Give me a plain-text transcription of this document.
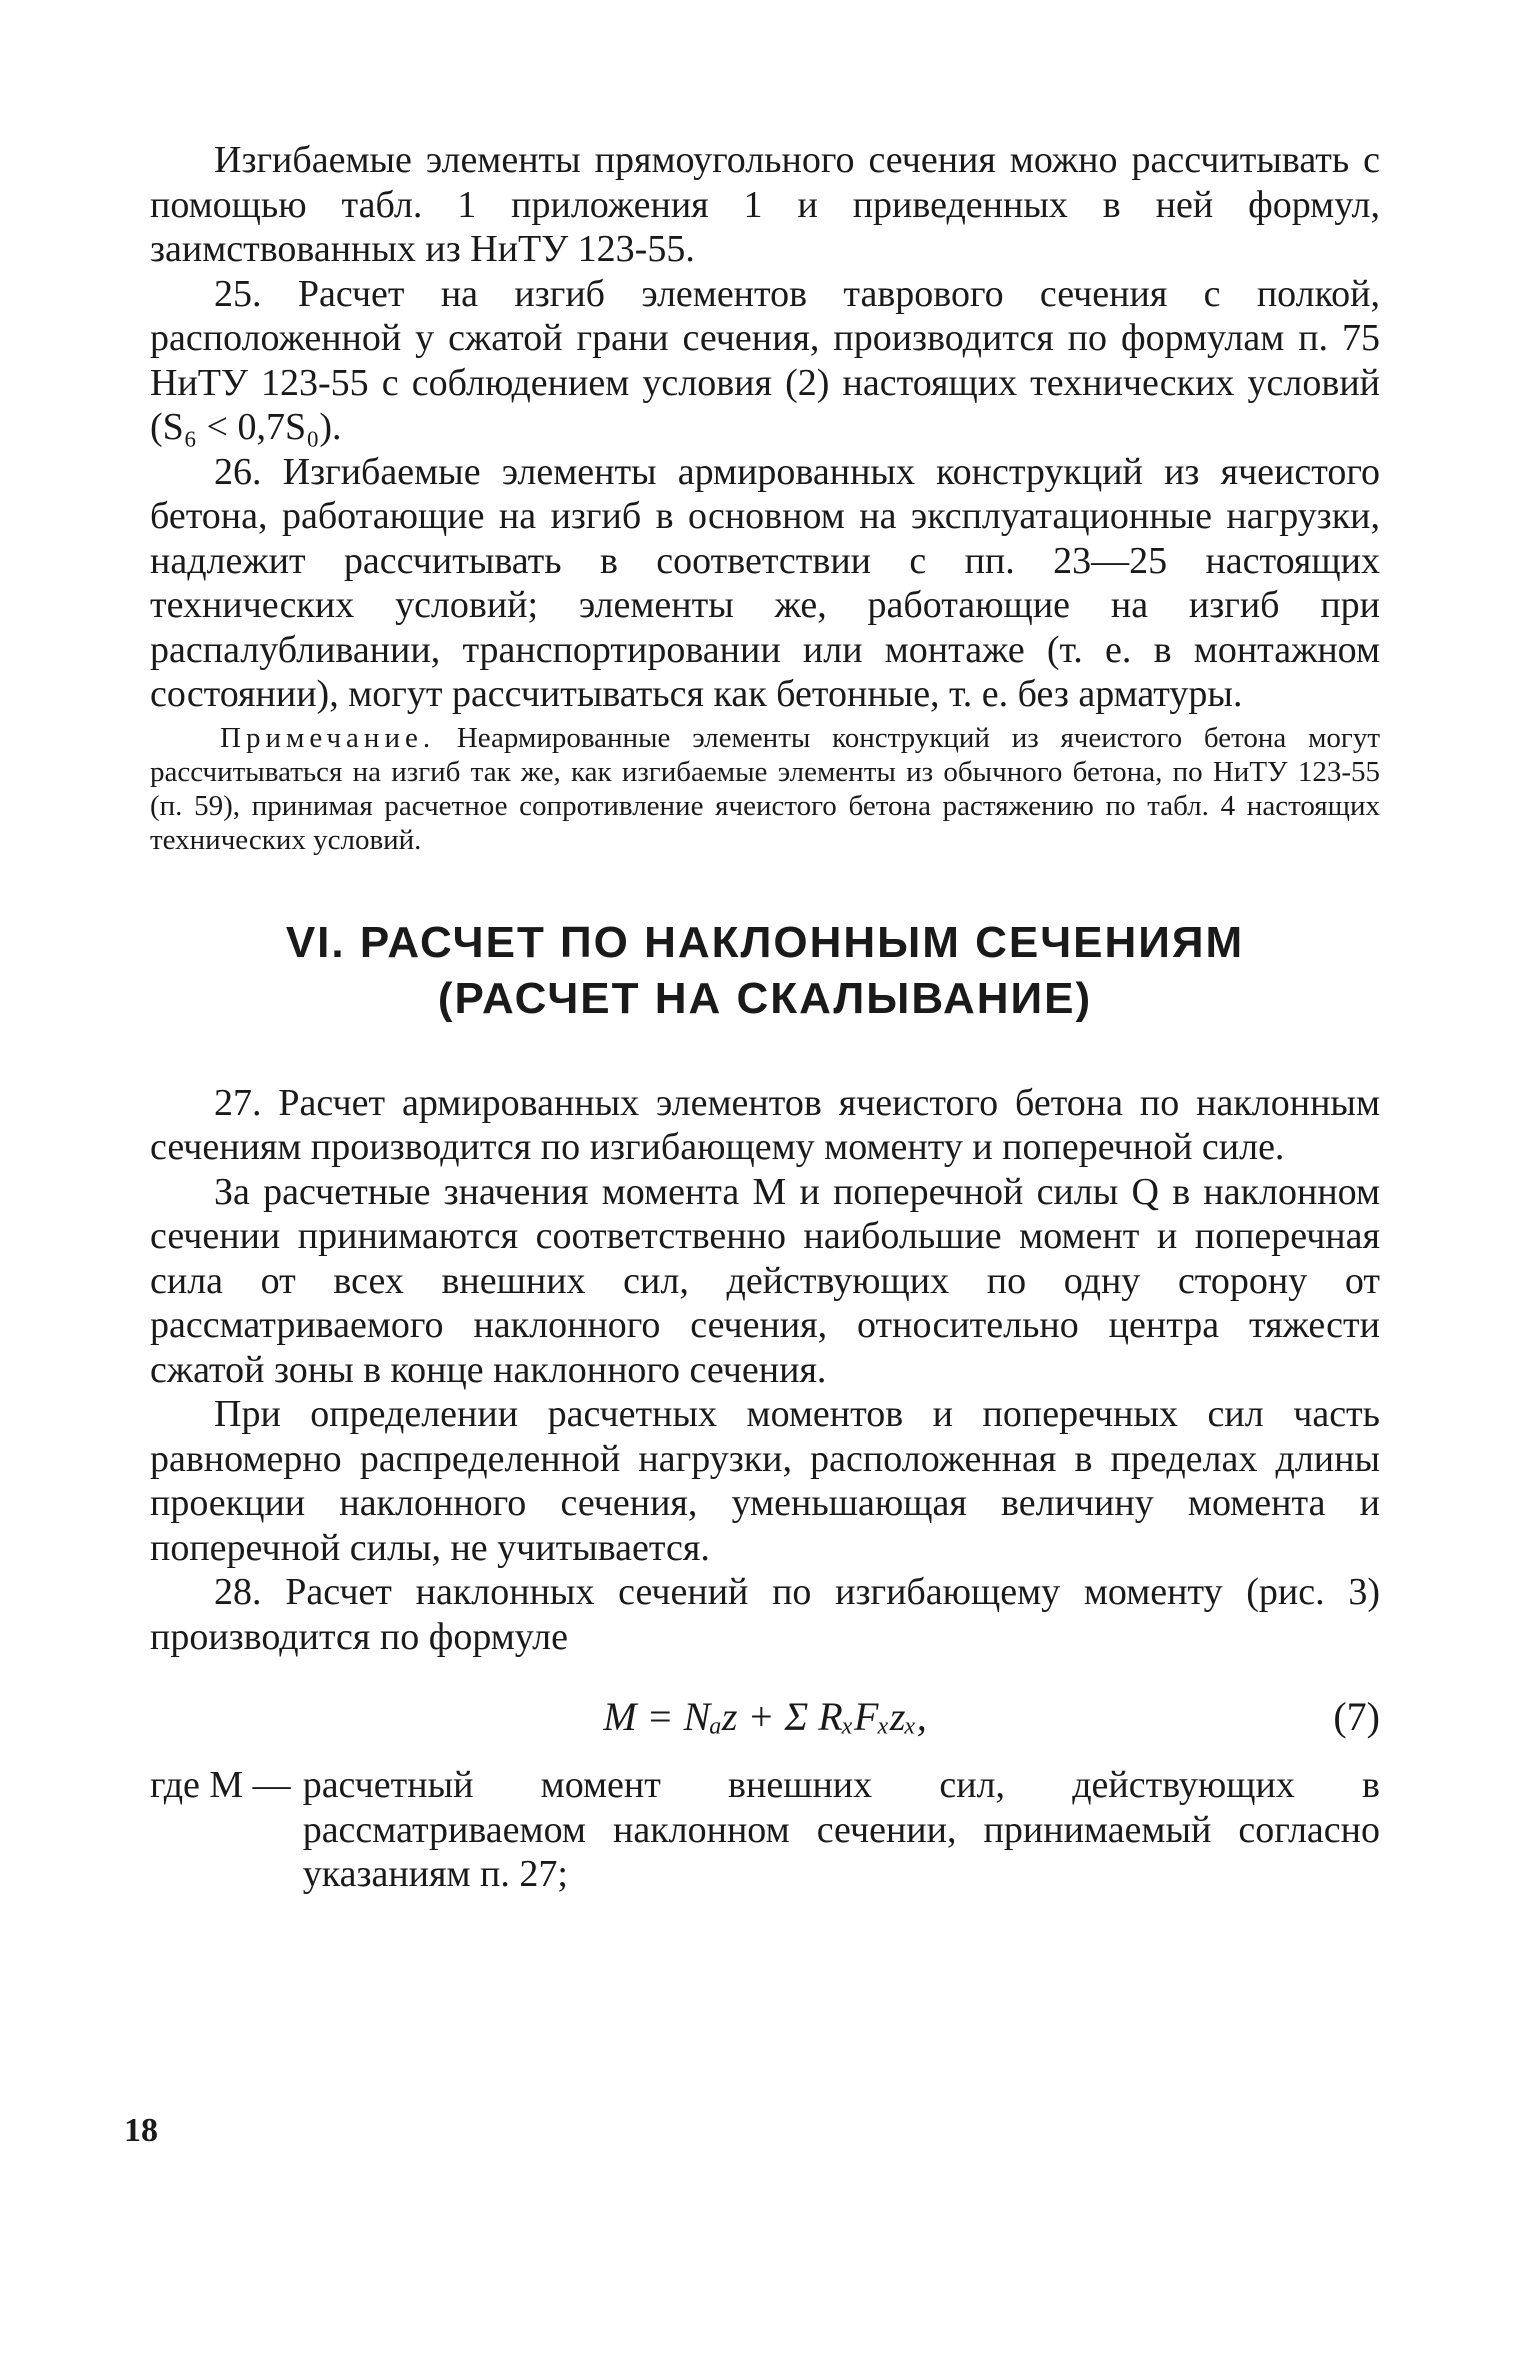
Изгибаемые элементы прямоугольного сечения можно рассчитывать с помощью табл. 1 приложения 1 и приведенных в ней формул, заимствованных из НиТУ 123-55.

25. Расчет на изгиб элементов таврового сечения с полкой, расположенной у сжатой грани сечения, производится по формулам п. 75 НиТУ 123-55 с соблюдением условия (2) настоящих технических условий (S₆ < 0,7S₀).

26. Изгибаемые элементы армированных конструкций из ячеистого бетона, работающие на изгиб в основном на эксплуатационные нагрузки, надлежит рассчитывать в соответствии с пп. 23—25 настоящих технических условий; элементы же, работающие на изгиб при распалубливании, транспортировании или монтаже (т. е. в монтажном состоянии), могут рассчитываться как бетонные, т. е. без арматуры.

Примечание. Неармированные элементы конструкций из ячеистого бетона могут рассчитываться на изгиб так же, как изгибаемые элементы из обычного бетона, по НиТУ 123-55 (п. 59), принимая расчетное сопротивление ячеистого бетона растяжению по табл. 4 настоящих технических условий.

VI. РАСЧЕТ ПО НАКЛОННЫМ СЕЧЕНИЯМ
(РАСЧЕТ НА СКАЛЫВАНИЕ)

27. Расчет армированных элементов ячеистого бетона по наклонным сечениям производится по изгибающему моменту и поперечной силе.

За расчетные значения момента M и поперечной силы Q в наклонном сечении принимаются соответственно наибольшие момент и поперечная сила от всех внешних сил, действующих по одну сторону от рассматриваемого наклонного сечения, относительно центра тяжести сжатой зоны в конце наклонного сечения.

При определении расчетных моментов и поперечных сил часть равномерно распределенной нагрузки, расположенная в пределах длины проекции наклонного сечения, уменьшающая величину момента и поперечной силы, не учитывается.

28. Расчет наклонных сечений по изгибающему моменту (рис. 3) производится по формуле

M = Nₐz + Σ RₓFₓzₓ,	(7)
где M — расчетный момент внешних сил, действующих в рассматриваемом наклонном сечении, принимаемый согласно указаниям п. 27;
18
